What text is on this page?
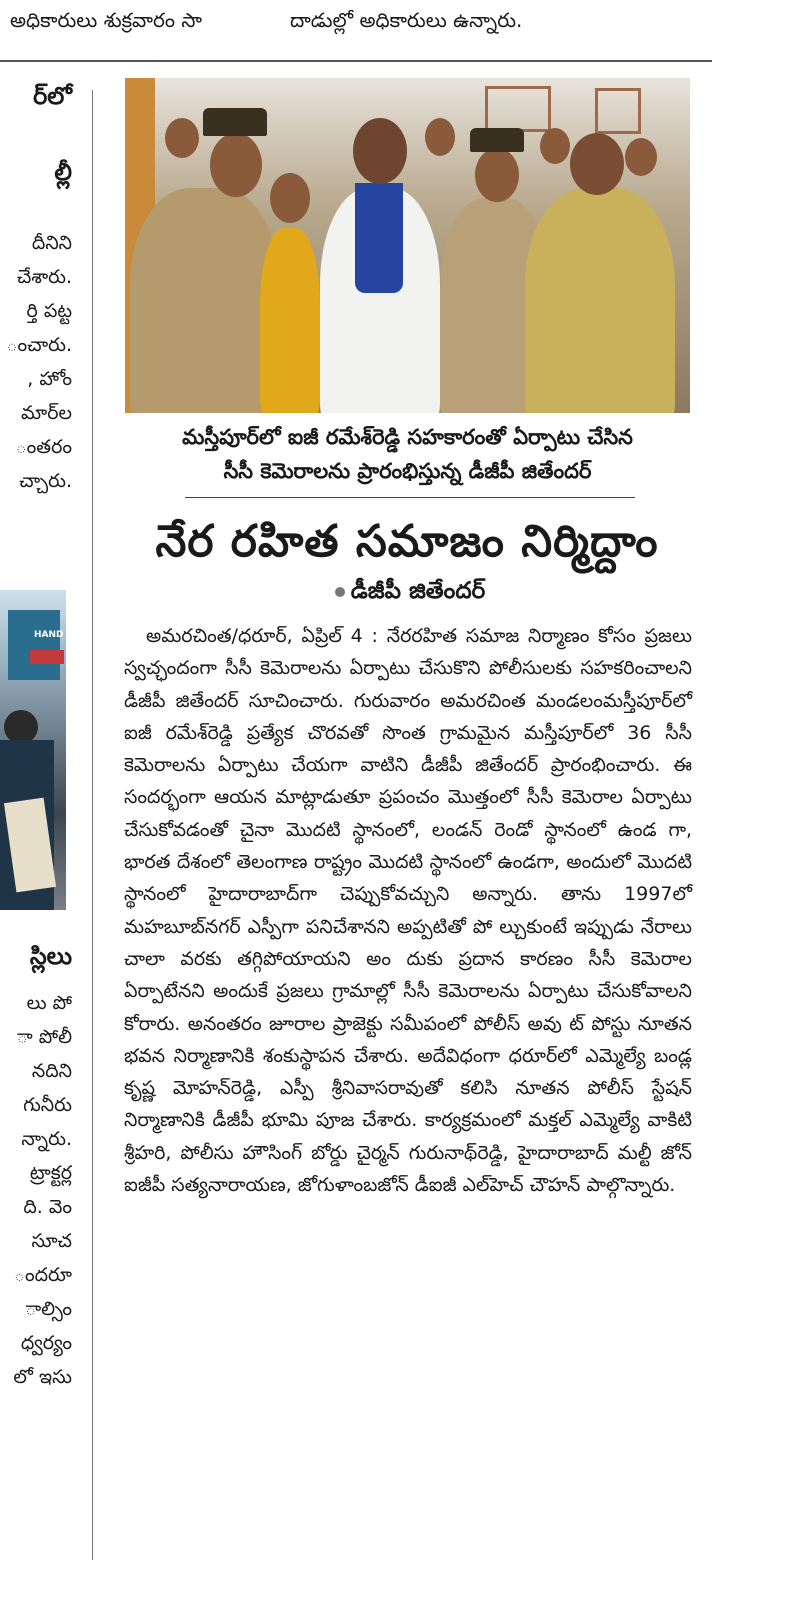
అధికారులు శుక్రవారం సా	దాడుల్లో అధికారులు ఉన్నారు.
ర్‌లో
ల్లీ
దీనిని
చేశారు.
ర్తి పట్ట
ంచారు.
, హోం
మార్‌ల
ంతరం
చ్చారు.
HAND
స్లిలు
లు పో
ా పోలీ
నదిని
గునీరు
న్నారు.
ట్రాక్టర్ల
ది. వెం
సూచ
ందరూ
ాల్సిం
ధ్వర్యం
లో ఇసు
మస్తీపూర్‌లో ఐజీ రమేశ్‌రెడ్డి సహకారంతో ఏర్పాటు చేసిన
సీసీ కెమెరాలను ప్రారంభిస్తున్న డీజీపీ జితేందర్
నేర రహిత సమాజం నిర్మిద్దాం
డీజీపీ జితేందర్

అమరచింత/ధరూర్, ఏప్రిల్ 4 : నేరరహిత సమాజ నిర్మాణం కోసం ప్రజలు స్వచ్ఛందంగా సీసీ కెమెరాలను ఏర్పాటు చేసుకొని పోలీసులకు సహకరించాలని డీజీపీ జితేందర్ సూచించారు. గురువారం అమరచింత మండలంమస్తీపూర్‌లో ఐజీ రమేశ్‌రెడ్డి ప్రత్యేక చొరవతో సొంత గ్రామమైన మస్తీపూర్‌లో 36 సీసీ కెమెరాలను ఏర్పాటు చేయగా వాటిని డీజీపీ జితేందర్ ప్రారంభించారు. ఈ సందర్భంగా ఆయన మాట్లాడుతూ ప్రపంచం మొత్తంలో సీసీ కెమెరాల ఏర్పాటు చేసుకోవడంతో చైనా మొదటి స్థానంలో, లండన్ రెండో స్థానంలో ఉండ గా, భారత దేశంలో తెలంగాణ రాష్ట్రం మొదటి స్థానంలో ఉండగా, అందులో మొదటి స్థానంలో హైదారాబాద్‌గా చెప్పుకోవచ్చుని అన్నారు. తాను 1997లో మహబూబ్‌నగర్ ఎస్పీగా పనిచేశానని అప్పటితో పో ల్చుకుంటే ఇప్పుడు నేరాలు చాలా వరకు తగ్గిపోయాయని అం దుకు ప్రదాన కారణం సీసీ కెమెరాల ఏర్పాటేనని అందుకే ప్రజలు గ్రామాల్లో సీసీ కెమెరాలను ఏర్పాటు చేసుకోవాలని కోరారు. అనంతరం జూరాల ప్రాజెక్టు సమీపంలో పోలీస్ అవు ట్ పోస్టు నూతన భవన నిర్మాణానికి శంకుస్థాపన చేశారు. అదేవిధంగా ధరూర్‌లో ఎమ్మెల్యే బండ్ల కృష్ణ మోహన్‌రెడ్డి, ఎస్పీ శ్రీనివాసరావుతో కలిసి నూతన పోలీస్ స్టేషన్ నిర్మాణానికి డీజీపీ భూమి పూజ చేశారు. కార్యక్రమంలో మక్తల్ ఎమ్మెల్యే వాకిటి శ్రీహరి, పోలీసు హౌసింగ్ బోర్డు చైర్మన్ గురునాథ్‌రెడ్డి, హైదారాబాద్ మల్టీ జోన్ ఐజీపీ సత్యనారాయణ, జోగుళాంబజోన్ డీఐజీ ఎల్‌హెచ్ చౌహన్ పాల్గొన్నారు.
